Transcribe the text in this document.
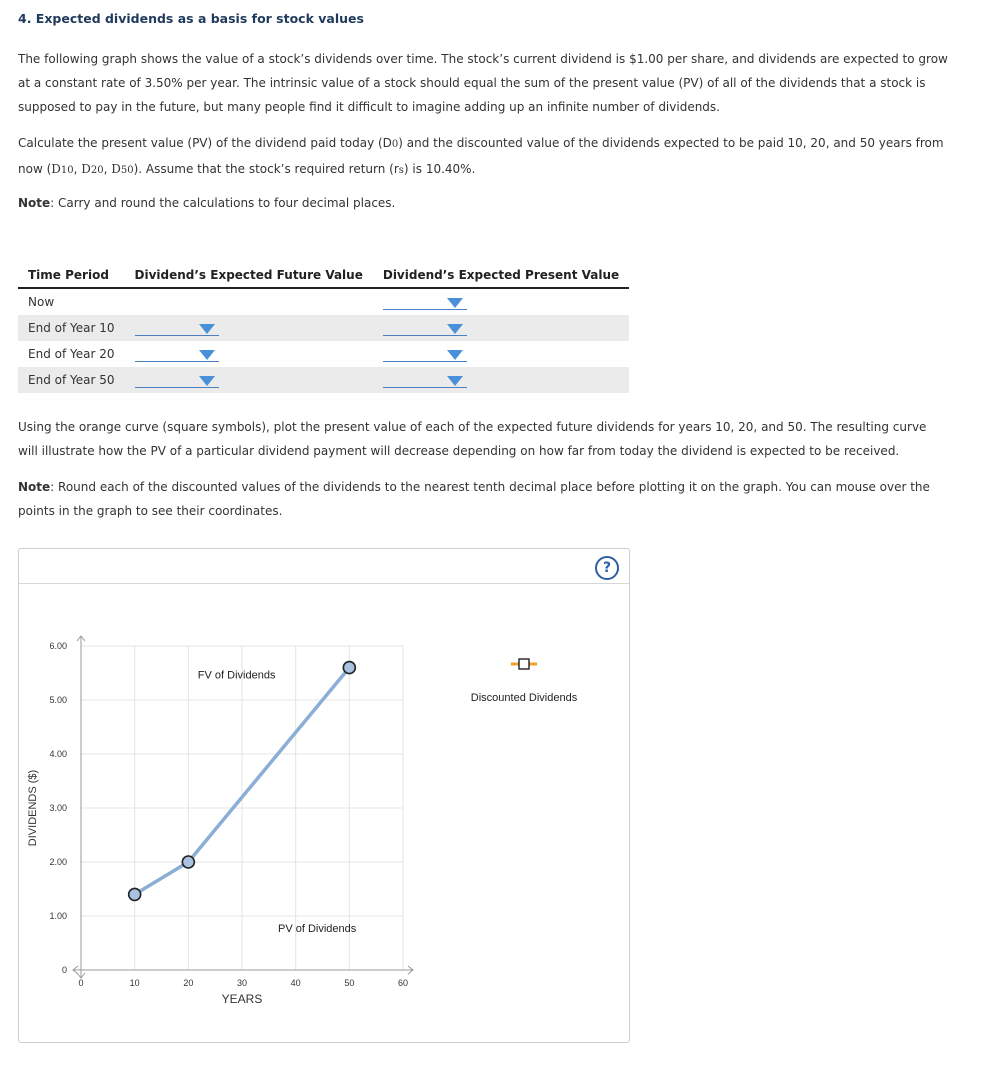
4. Expected dividends as a basis for stock values
The following graph shows the value of a stock’s dividends over time. The stock’s current dividend is $1.00 per share, and dividends are expected to grow at a constant rate of 3.50% per year. The intrinsic value of a stock should equal the sum of the present value (PV) of all of the dividends that a stock is supposed to pay in the future, but many people find it difficult to imagine adding up an infinite number of dividends.
Calculate the present value (PV) of the dividend paid today (D0) and the discounted value of the dividends expected to be paid 10, 20, and 50 years from now (D10, D20, D50). Assume that the stock’s required return (rs) is 10.40%.
Note: Carry and round the calculations to four decimal places.
Time Period	Dividend’s Expected Future Value	Dividend’s Expected Present Value
Now		

End of Year 10	

End of Year 20	

End of Year 50	

Using the orange curve (square symbols), plot the present value of each of the expected future dividends for years 10, 20, and 50. The resulting curve will illustrate how the PV of a particular dividend payment will decrease depending on how far from today the dividend is expected to be received.
Note: Round each of the discounted values of the dividends to the nearest tenth decimal place before plotting it on the graph. You can mouse over the points in the graph to see their coordinates.
?
0	10	20	30	40	50	60
0
1.00
2.00
3.00
4.00
5.00
6.00
YEARS
DIVIDENDS ($)
FV of Dividends
PV of Dividends
Discounted Dividends
